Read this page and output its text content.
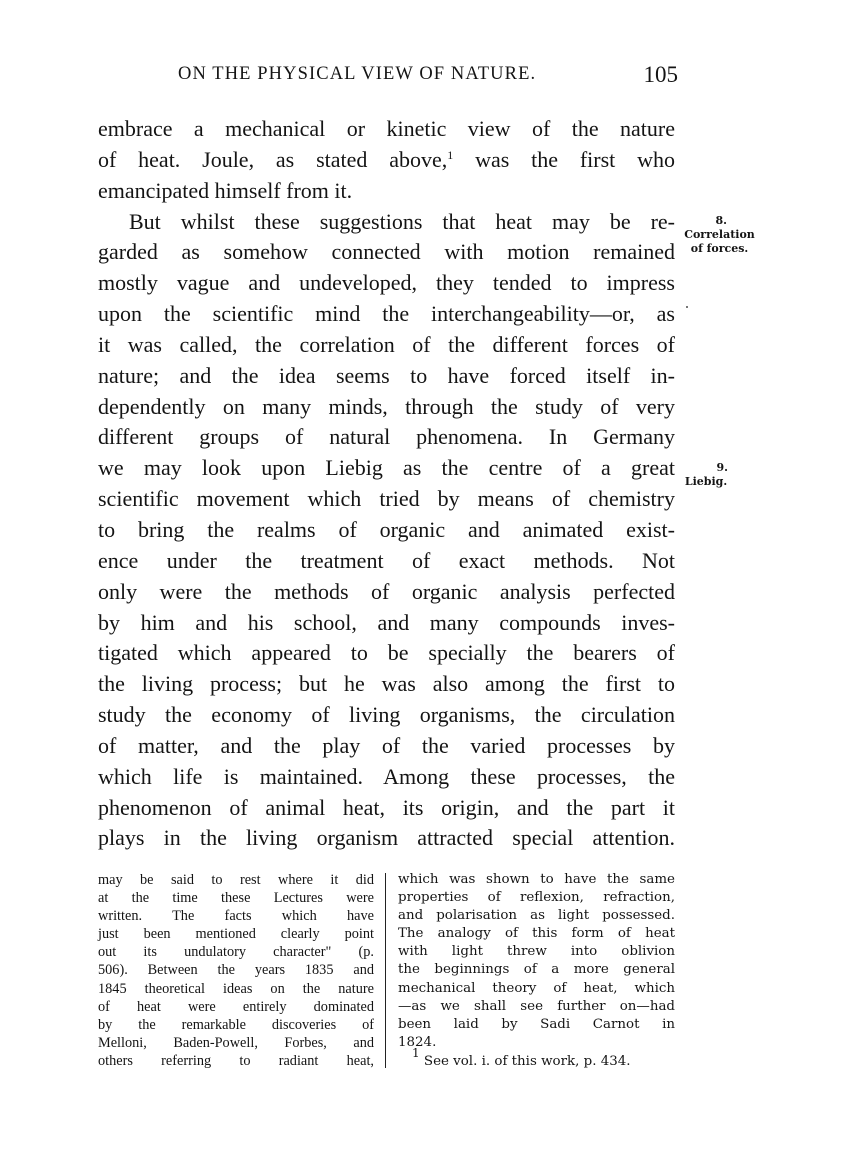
ON THE PHYSICAL VIEW OF NATURE.	105
embrace a mechanical or kinetic view of the nature
of heat. Joule, as stated above,$^1$ was the first who
emancipated himself from it.
But whilst these suggestions that heat may be re-
garded as somehow connected with motion remained
mostly vague and undeveloped, they tended to impress
upon the scientific mind the interchangeability—or, as
it was called, the correlation of the different forces of
nature; and the idea seems to have forced itself in-
dependently on many minds, through the study of very
different groups of natural phenomena. In Germany
we may look upon Liebig as the centre of a great
scientific movement which tried by means of chemistry
to bring the realms of organic and animated exist-
ence under the treatment of exact methods. Not
only were the methods of organic analysis perfected
by him and his school, and many compounds inves-
tigated which appeared to be specially the bearers of
the living process; but he was also among the first to
study the economy of living organisms, the circulation
of matter, and the play of the varied processes by
which life is maintained. Among these processes, the
phenomenon of animal heat, its origin, and the part it
plays in the living organism attracted special attention.
8.
Correlation
of forces.
9.
Liebig.
may be said to rest where it did
at the time these Lectures were
written. The facts which have
just been mentioned clearly point
out its undulatory character" (p.
506). Between the years 1835 and
1845 theoretical ideas on the nature
of heat were entirely dominated
by the remarkable discoveries of
Melloni, Baden-Powell, Forbes, and
others referring to radiant heat,
which was shown to have the same
properties of reflexion, refraction,
and polarisation as light possessed.
The analogy of this form of heat
with light threw into oblivion
the beginnings of a more general
mechanical theory of heat, which
—as we shall see further on—had
been laid by Sadi Carnot in
1824.
$^1$ See vol. i. of this work, p. 434.
